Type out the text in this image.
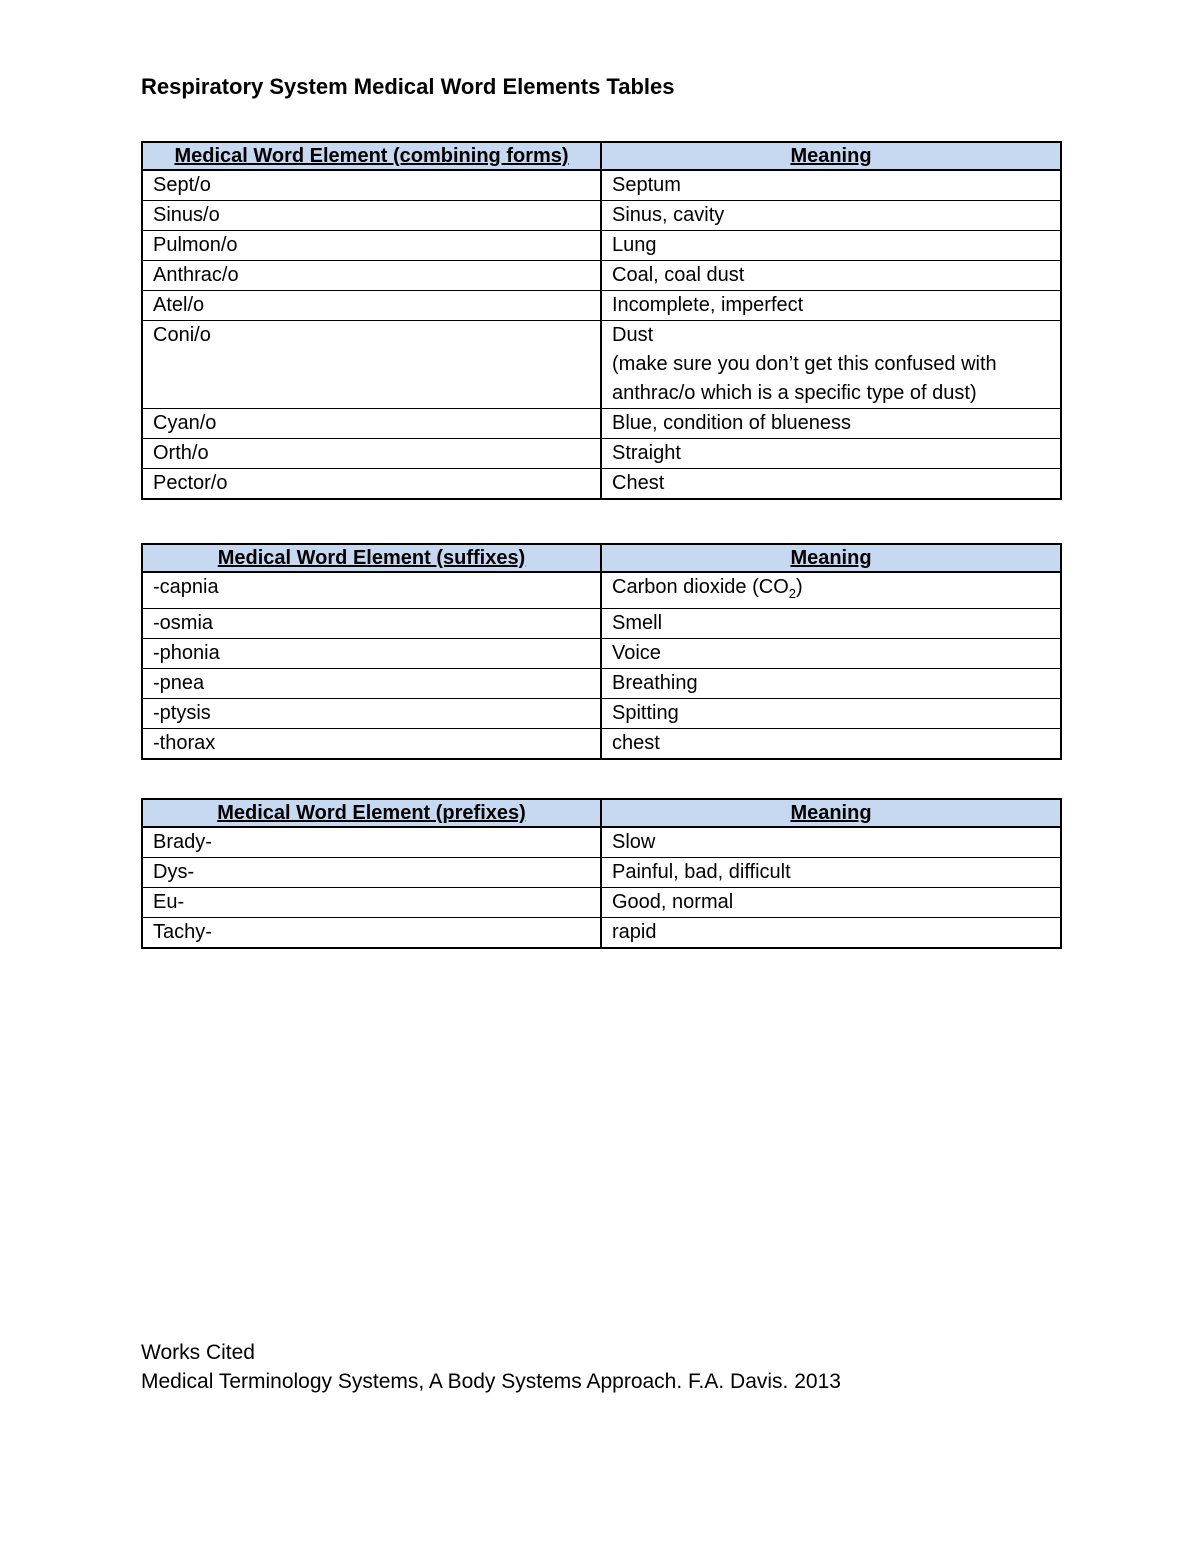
Respiratory System Medical Word Elements Tables
Medical Word Element (combining forms)	Meaning
Sept/o	Septum
Sinus/o	Sinus, cavity
Pulmon/o	Lung
Anthrac/o	Coal, coal dust
Atel/o	Incomplete, imperfect
Coni/o	Dust
(make sure you don’t get this confused with
anthrac/o which is a specific type of dust)

Cyan/o	Blue, condition of blueness
Orth/o	Straight
Pector/o	Chest
Medical Word Element (suffixes)	Meaning
-capnia	Carbon dioxide $(CO_2)$
-osmia	Smell
-phonia	Voice
-pnea	Breathing
-ptysis	Spitting
-thorax	chest
Medical Word Element (prefixes)	Meaning
Brady-	Slow
Dys-	Painful, bad, difficult
Eu-	Good, normal
Tachy-	rapid
Works Cited
Medical Terminology Systems, A Body Systems Approach. F.A. Davis. 2013
